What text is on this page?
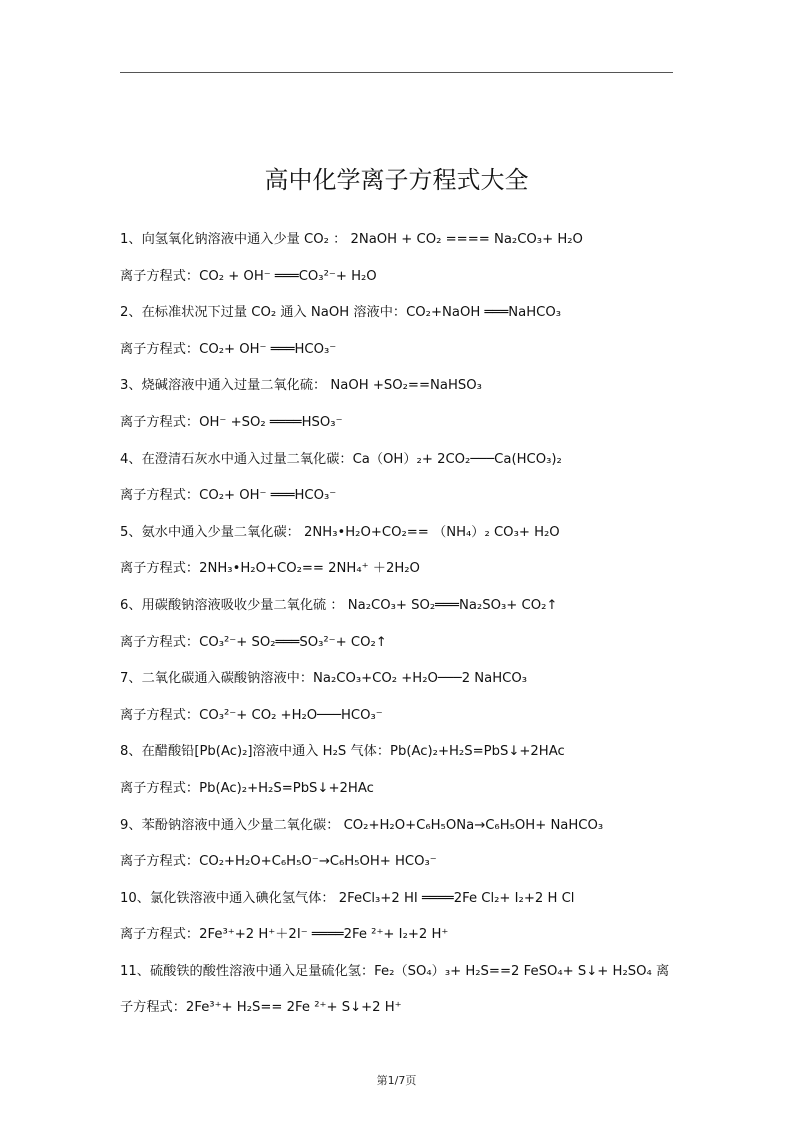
高中化学离子方程式大全
1、向氢氧化钠溶液中通入少量 CO₂ ： 2NaOH + CO₂ ==== Na₂CO₃+ H₂O
离子方程式：CO₂ + OH⁻ ═══CO₃²⁻+ H₂O
2、在标准状况下过量 CO₂ 通入 NaOH 溶液中：CO₂+NaOH ═══NaHCO₃
离子方程式：CO₂+ OH⁻ ═══HCO₃⁻
3、烧碱溶液中通入过量二氧化硫： NaOH +SO₂==NaHSO₃
离子方程式：OH⁻ +SO₂ ════HSO₃⁻
4、在澄清石灰水中通入过量二氧化碳：Ca（OH）₂+ 2CO₂───Ca(HCO₃)₂
离子方程式：CO₂+ OH⁻ ═══HCO₃⁻
5、氨水中通入少量二氧化碳： 2NH₃•H₂O+CO₂== （NH₄）₂ CO₃+ H₂O
离子方程式：2NH₃•H₂O+CO₂== 2NH₄⁺ ＋2H₂O
6、用碳酸钠溶液吸收少量二氧化硫 ： Na₂CO₃+ SO₂═══Na₂SO₃+ CO₂↑
离子方程式：CO₃²⁻+ SO₂═══SO₃²⁻+ CO₂↑
7、二氧化碳通入碳酸钠溶液中：Na₂CO₃+CO₂ +H₂O───2 NaHCO₃
离子方程式：CO₃²⁻+ CO₂ +H₂O───HCO₃⁻
8、在醋酸铅[Pb(Ac)₂]溶液中通入 H₂S 气体：Pb(Ac)₂+H₂S=PbS↓+2HAc
离子方程式：Pb(Ac)₂+H₂S=PbS↓+2HAc
9、苯酚钠溶液中通入少量二氧化碳： CO₂+H₂O+C₆H₅ONa→C₆H₅OH+ NaHCO₃
离子方程式：CO₂+H₂O+C₆H₅O⁻→C₆H₅OH+ HCO₃⁻
10、氯化铁溶液中通入碘化氢气体： 2FeCl₃+2 HI ════2Fe Cl₂+ I₂+2 H Cl
离子方程式：2Fe³⁺+2 H⁺＋2I⁻ ════2Fe ²⁺+ I₂+2 H⁺
11、硫酸铁的酸性溶液中通入足量硫化氢：Fe₂（SO₄）₃+ H₂S==2 FeSO₄+ S↓+ H₂SO₄ 离
子方程式：2Fe³⁺+ H₂S== 2Fe ²⁺+ S↓+2 H⁺
第1/7页
